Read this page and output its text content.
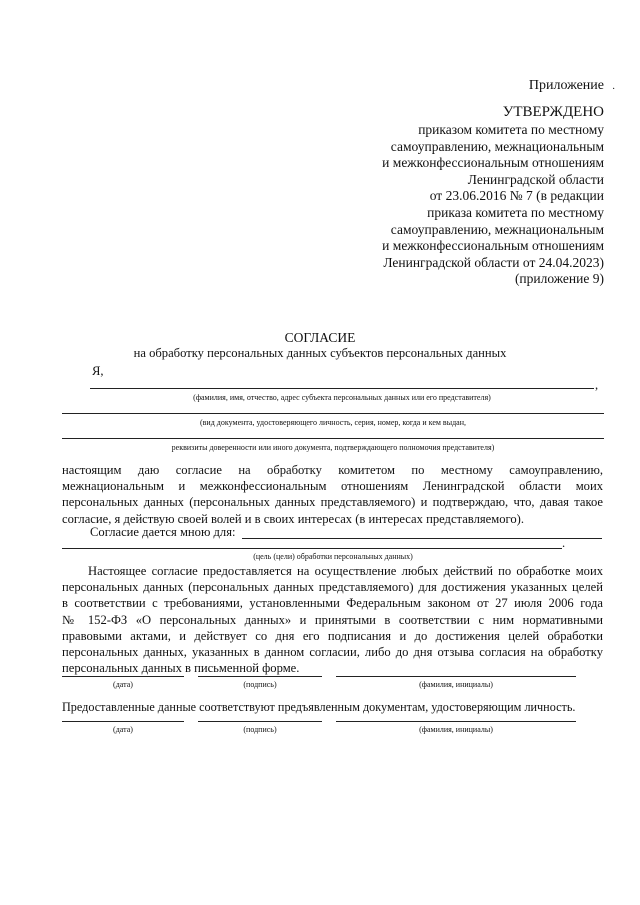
Приложение ·
УТВЕРЖДЕНО
приказом комитета по местному
самоуправлению, межнациональным
и межконфессиональным отношениям
Ленинградской области
от 23.06.2016 № 7 (в редакции
приказа комитета по местному
самоуправлению, межнациональным
и межконфессиональным отношениям
Ленинградской области от 24.04.2023)
(приложение 9)
СОГЛАСИЕ
на обработку персональных данных субъектов персональных данных
Я,
,
(фамилия, имя, отчество, адрес субъекта персональных данных или его представителя)
(вид документа, удостоверяющего личность, серия, номер, когда и кем выдан,
реквизиты доверенности или иного документа, подтверждающего полномочия представителя)
настоящим даю согласие на обработку комитетом по местному самоуправлению,
межнациональным и межконфессиональным отношениям Ленинградской области моих
персональных данных (персональных данных представляемого) и подтверждаю, что, давая такое
согласие, я действую своей волей и в своих интересах (в интересах представляемого).
Согласие дается мною для:
.
(цель (цели) обработки персональных данных)
Настоящее согласие предоставляется на осуществление любых действий по обработке моих
персональных данных (персональных данных представляемого) для достижения указанных целей
в соответствии с требованиями, установленными Федеральным законом от 27 июля 2006 года
№ 152-ФЗ «О персональных данных» и принятыми в соответствии с ним нормативными
правовыми актами, и действует со дня его подписания и до достижения целей обработки
персональных данных, указанных в данном согласии, либо до дня отзыва согласия на обработку
персональных данных в письменной форме.
(дата)	(подпись)	(фамилия, инициалы)
Предоставленные данные соответствуют предъявленным документам, удостоверяющим личность.
(дата)	(подпись)	(фамилия, инициалы)
